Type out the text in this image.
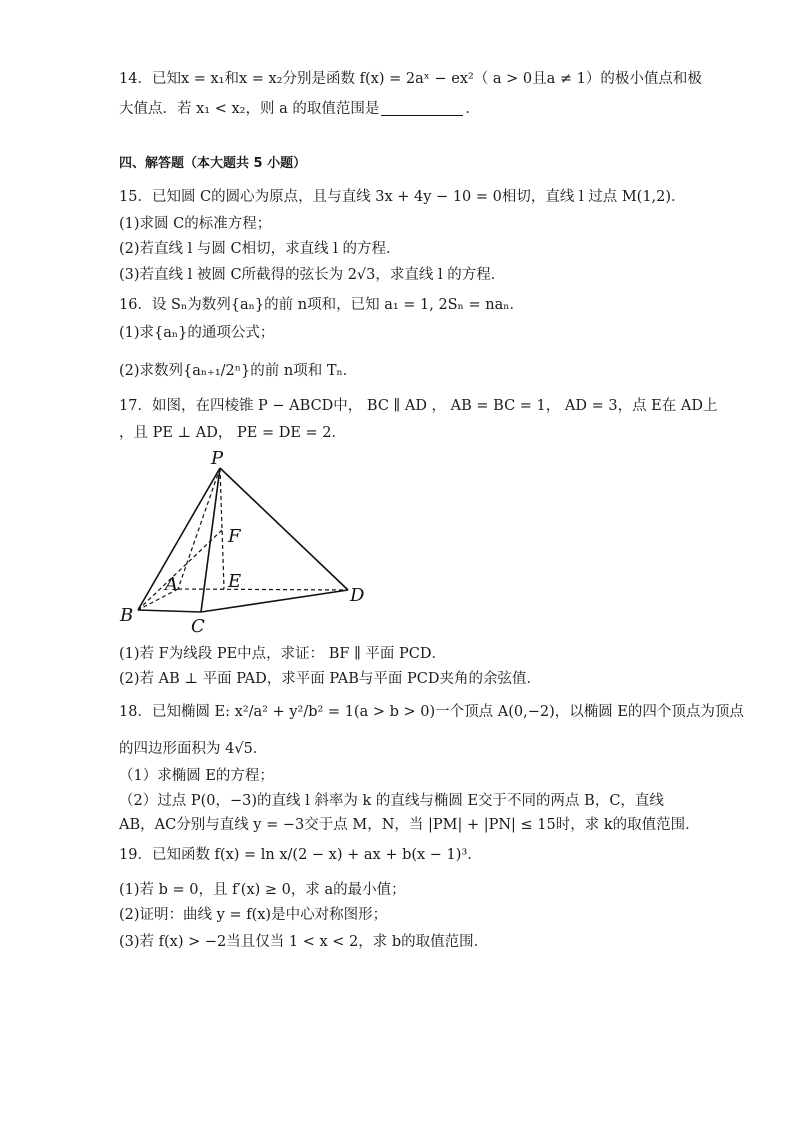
14．已知x = x₁和x = x₂分别是函数 f(x) = 2aˣ − ex²（ a > 0且a ≠ 1）的极小值点和极
大值点．若 x₁ < x₂，则 a 的取值范围是	．
四、解答题（本大题共 5 小题）
15．已知圆 C的圆心为原点，且与直线 3x + 4y − 10 = 0相切，直线 l 过点 M(1,2)．
(1)求圆 C的标准方程；
(2)若直线 l 与圆 C相切，求直线 l 的方程．
(3)若直线 l 被圆 C所截得的弦长为 2√3，求直线 l 的方程．
16．设 Sₙ为数列{aₙ}的前 n项和，已知 a₁ = 1, 2Sₙ = naₙ．
(1)求{aₙ}的通项公式；
(2)求数列{aₙ₊₁/2ⁿ}的前 n项和 Tₙ．
17．如图，在四棱锥 P − ABCD中， BC ∥ AD ， AB = BC = 1， AD = 3，点 E在 AD上
，且 PE ⊥ AD， PE = DE = 2．
P
F
A	E
B
C
D
(1)若 F为线段 PE中点，求证： BF ∥ 平面 PCD．
(2)若 AB ⊥ 平面 PAD，求平面 PAB与平面 PCD夹角的余弦值．
18．已知椭圆 E: x²/a² + y²/b² = 1(a > b > 0)一个顶点 A(0,−2)，以椭圆 E的四个顶点为顶点
的四边形面积为 4√5．
（1）求椭圆 E的方程；
（2）过点 P(0，−3)的直线 l 斜率为 k 的直线与椭圆 E交于不同的两点 B，C，直线
AB，AC分别与直线 y = −3交于点 M，N，当 |PM| + |PN| ≤ 15时，求 k的取值范围．
19．已知函数 f(x) = ln x/(2 − x) + ax + b(x − 1)³．
(1)若 b = 0，且 f′(x) ≥ 0，求 a的最小值；
(2)证明：曲线 y = f(x)是中心对称图形；
(3)若 f(x) > −2当且仅当 1 < x < 2，求 b的取值范围．
